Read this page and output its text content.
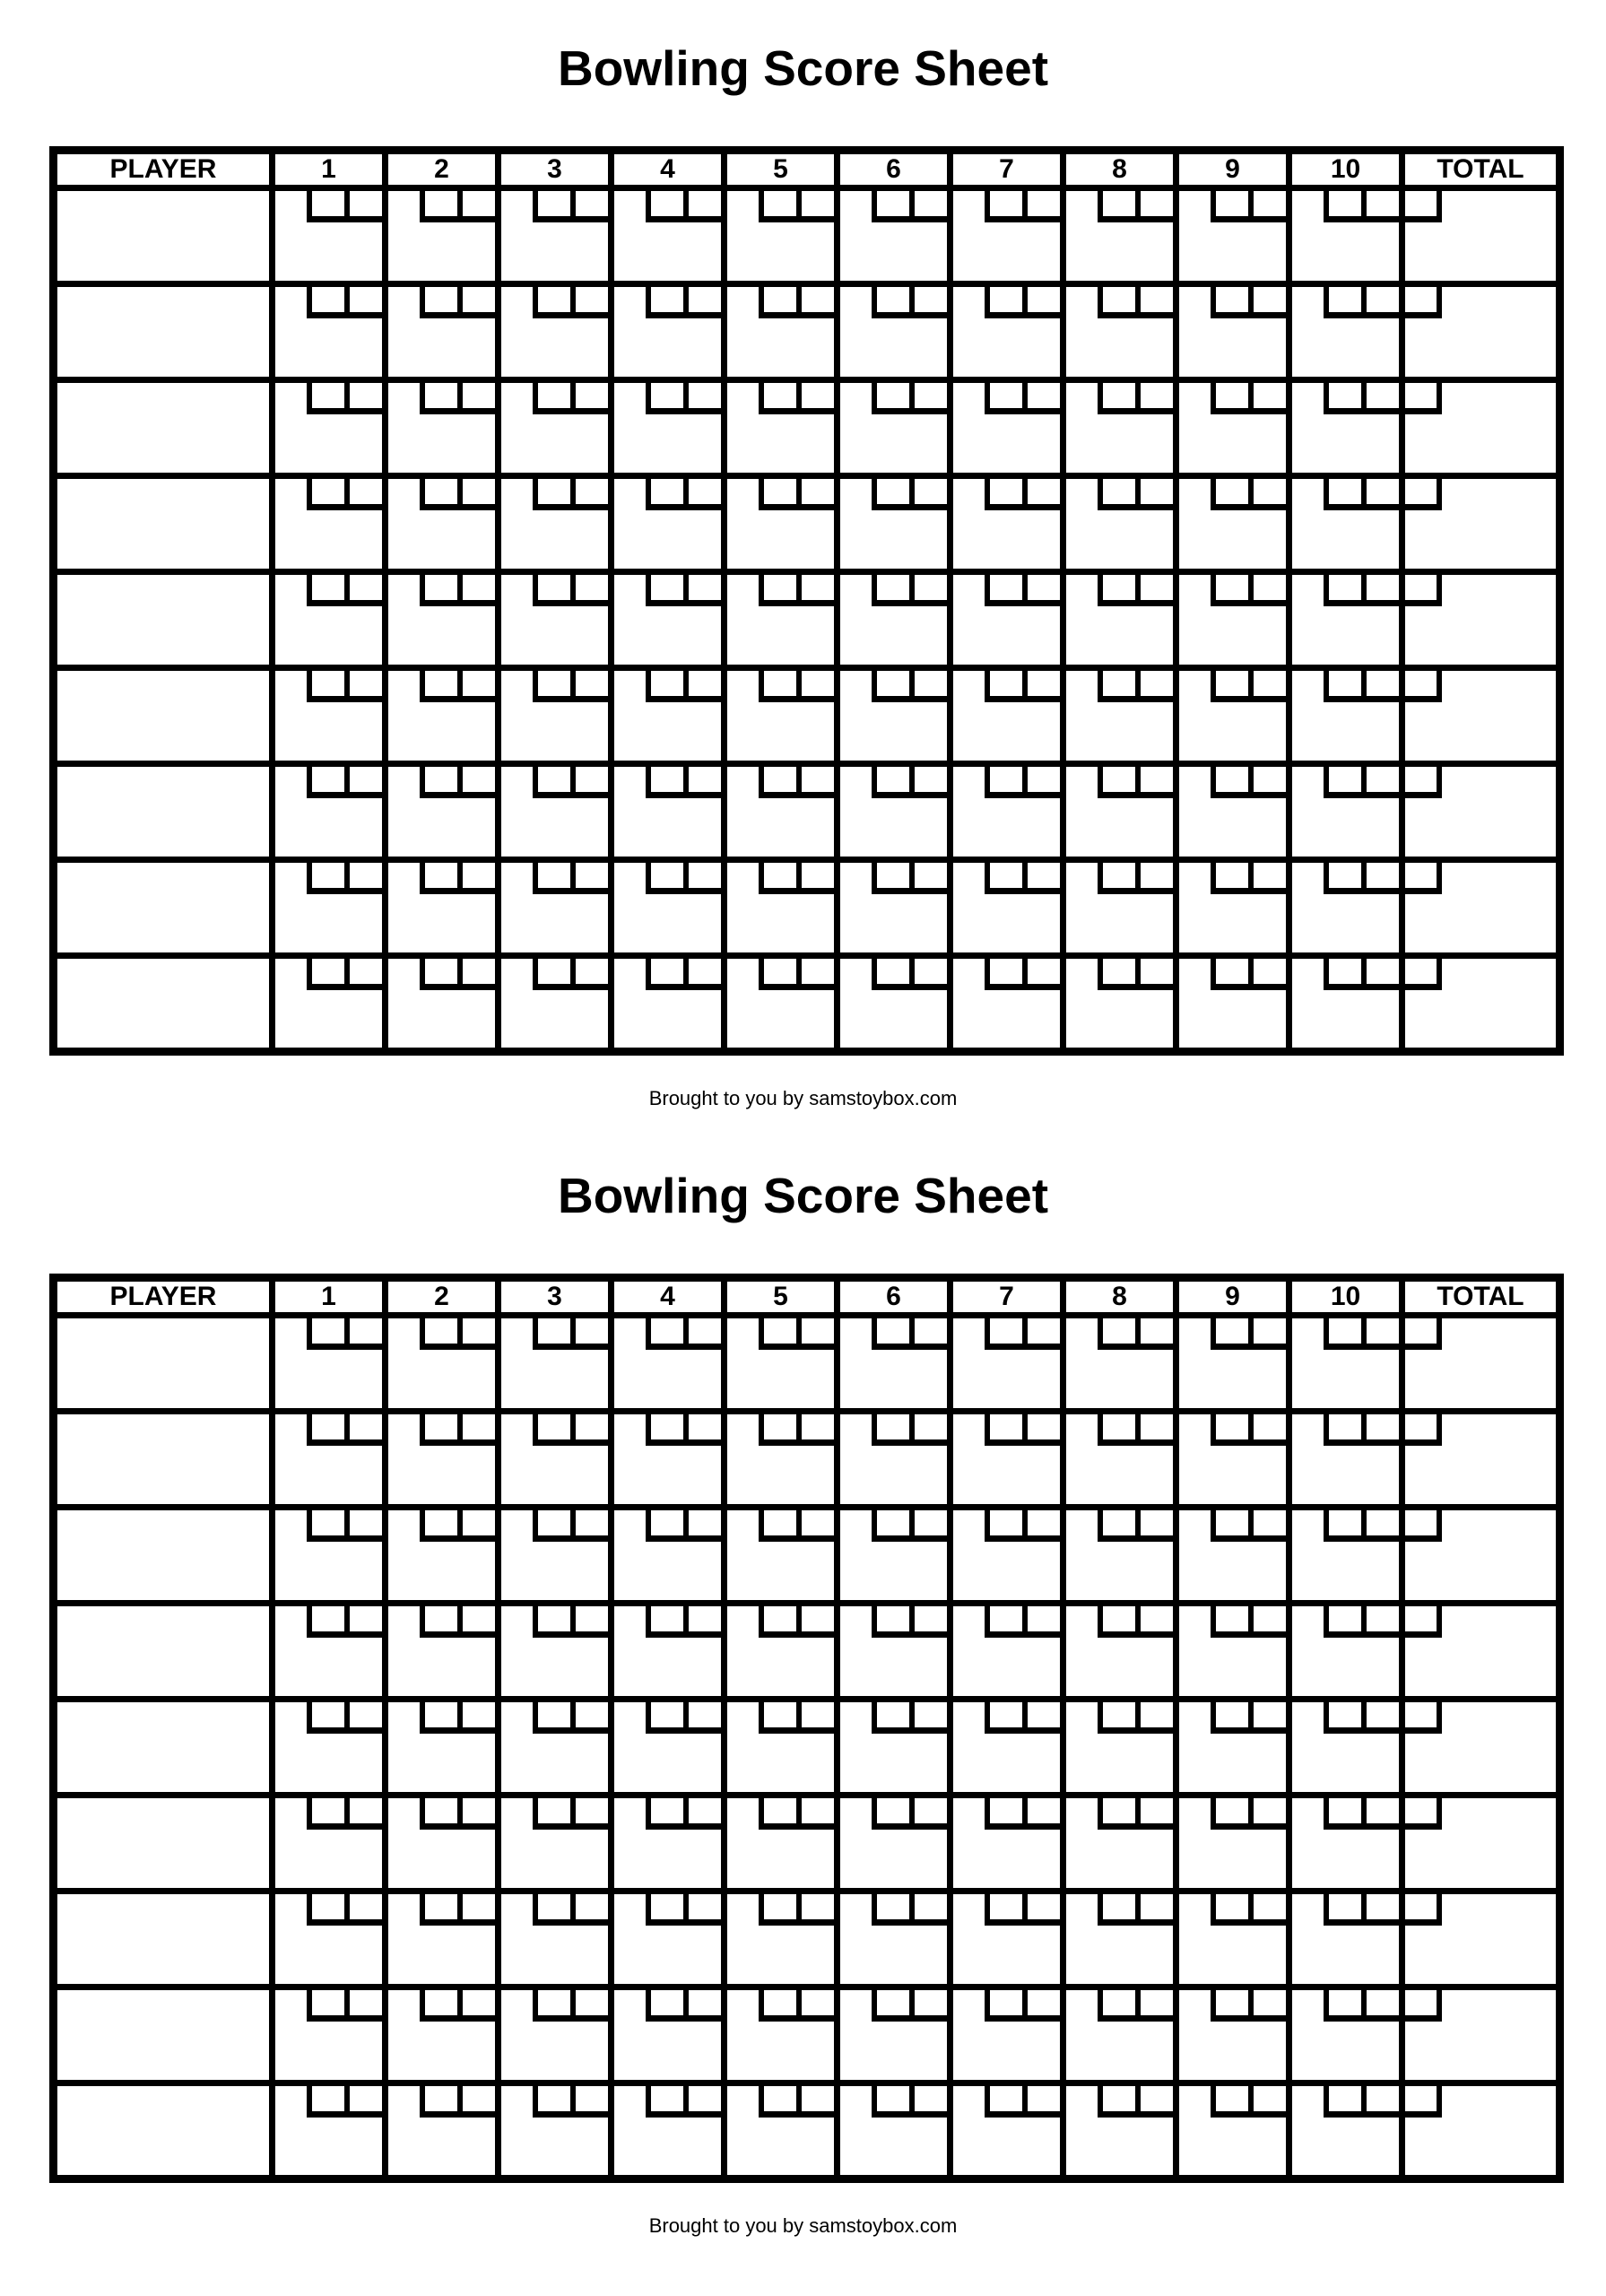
Bowling Score Sheet
PLAYER	1	2	3	4	5	6	7	8	9	10	TOTAL

Brought to you by samstoybox.com
Bowling Score Sheet
PLAYER	1	2	3	4	5	6	7	8	9	10	TOTAL

Brought to you by samstoybox.com
